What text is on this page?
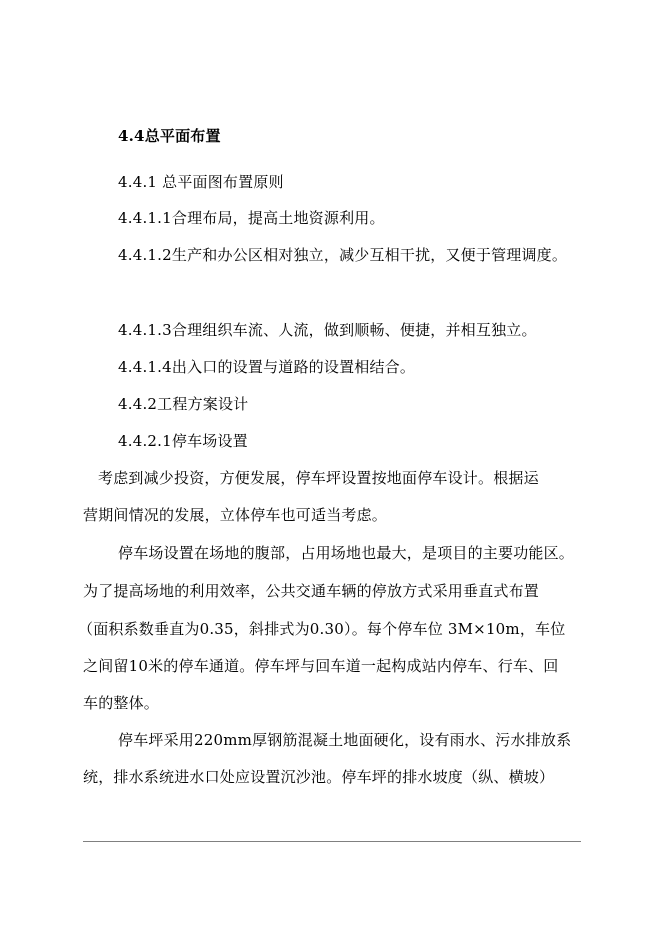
4.4总平面布置
4.4.1 总平面图布置原则
4.4.1.1合理布局，提高土地资源利用。
4.4.1.2生产和办公区相对独立，减少互相干扰，又便于管理调度。
4.4.1.3合理组织车流、人流，做到顺畅、便捷，并相互独立。
4.4.1.4出入口的设置与道路的设置相结合。
4.4.2工程方案设计
4.4.2.1停车场设置
考虑到减少投资，方便发展，停车坪设置按地面停车设计。根据运
营期间情况的发展，立体停车也可适当考虑。
停车场设置在场地的腹部，占用场地也最大，是项目的主要功能区。
为了提高场地的利用效率，公共交通车辆的停放方式采用垂直式布置
（面积系数垂直为0.35，斜排式为0.30）。每个停车位 3M×10m，车位
之间留10米的停车通道。停车坪与回车道一起构成站内停车、行车、回
车的整体。
停车坪采用220mm厚钢筋混凝土地面硬化，设有雨水、污水排放系
统，排水系统进水口处应设置沉沙池。停车坪的排水坡度（纵、横坡）
